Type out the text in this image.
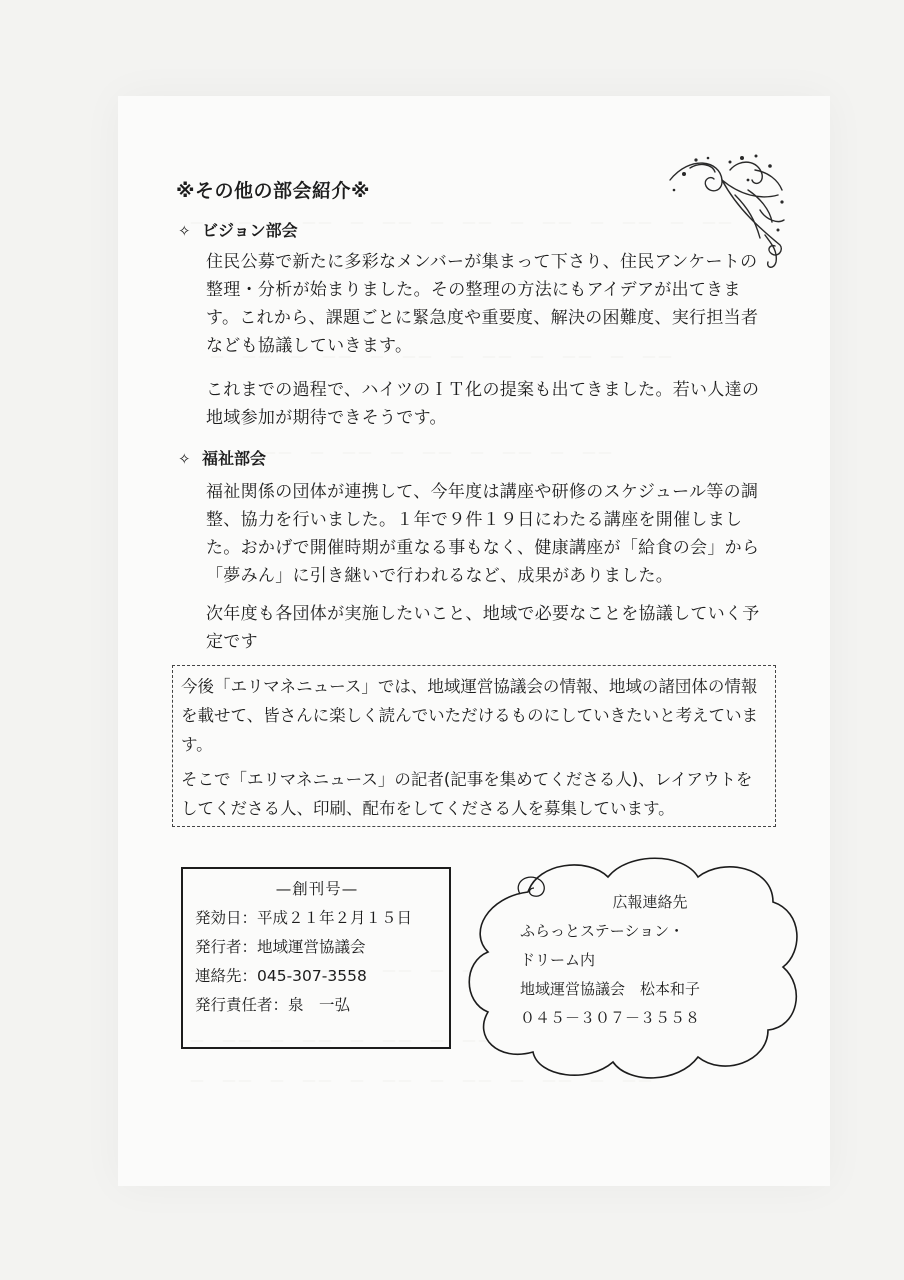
※その他の部会紹介※
✧ ビジョン部会
住民公募で新たに多彩なメンバーが集まって下さり、住民アンケートの整理・分析が始まりました。その整理の方法にもアイデアが出てきます。これから、課題ごとに緊急度や重要度、解決の困難度、実行担当者なども協議していきます。
これまでの過程で、ハイツのＩＴ化の提案も出てきました。若い人達の地域参加が期待できそうです。
✧ 福祉部会
福祉関係の団体が連携して、今年度は講座や研修のスケジュール等の調整、協力を行いました。１年で９件１９日にわたる講座を開催しました。おかげで開催時期が重なる事もなく、健康講座が「給食の会」から「夢みん」に引き継いで行われるなど、成果がありました。
次年度も各団体が実施したいこと、地域で必要なことを協議していく予定です

今後「エリマネニュース」では、地域運営協議会の情報、地域の諸団体の情報を載せて、皆さんに楽しく読んでいただけるものにしていきたいと考えています。

そこで「エリマネニュース」の記者(記事を集めてくださる人)、レイアウトをしてくださる人、印刷、配布をしてくださる人を募集しています。

—創刊号—
発効日：平成２１年２月１５日
発行者：地域運営協議会
連絡先：045-307-3558
発行責任者：泉　一弘
広報連絡先
ふらっとステーション・
ドリーム内
地域運営協議会　松本和子
０４５－３０７－３５５８
